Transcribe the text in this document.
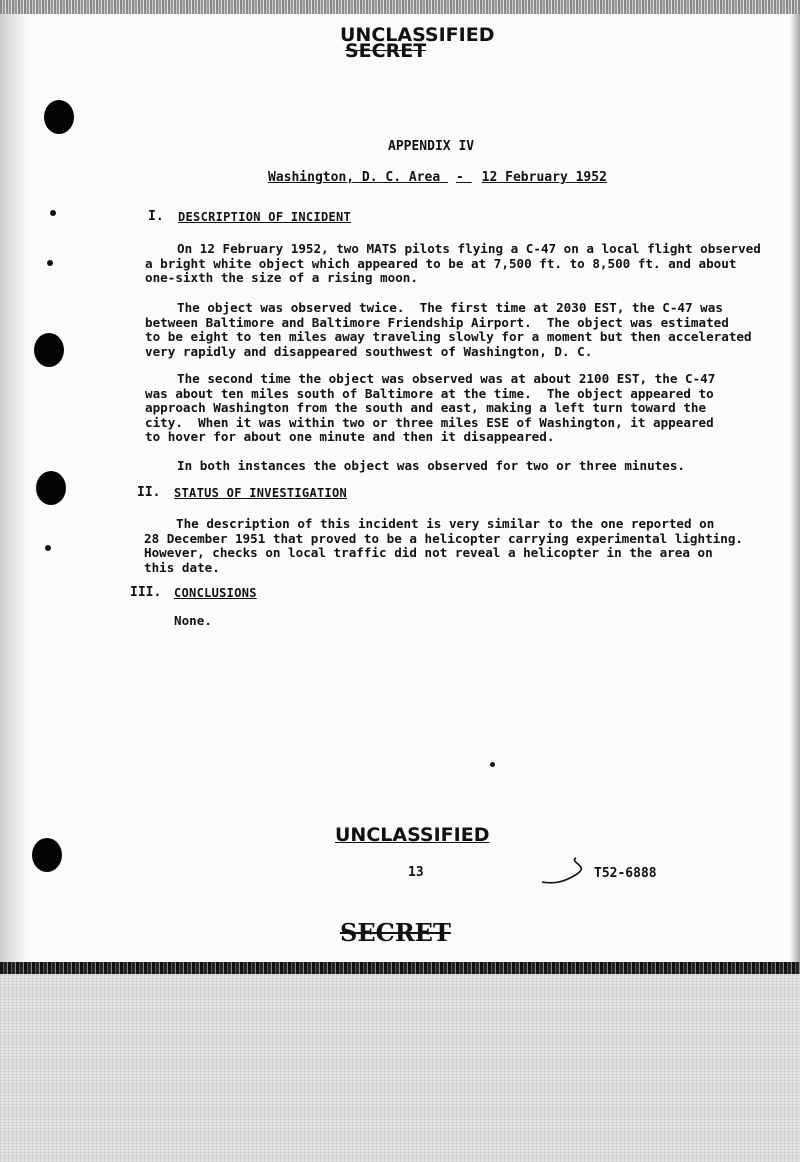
UNCLASSIFIED
SECRET
APPENDIX IV
Washington, D. C. Area - 12 February 1952
I. DESCRIPTION OF INCIDENT
On 12 February 1952, two MATS pilots flying a C-47 on a local flight observed
a bright white object which appeared to be at 7,500 ft. to 8,500 ft. and about
one-sixth the size of a rising moon.
The object was observed twice.  The first time at 2030 EST, the C-47 was
between Baltimore and Baltimore Friendship Airport.  The object was estimated
to be eight to ten miles away traveling slowly for a moment but then accelerated
very rapidly and disappeared southwest of Washington, D. C.
The second time the object was observed was at about 2100 EST, the C-47
was about ten miles south of Baltimore at the time.  The object appeared to
approach Washington from the south and east, making a left turn toward the
city.  When it was within two or three miles ESE of Washington, it appeared
to hover for about one minute and then it disappeared.
In both instances the object was observed for two or three minutes.
II. STATUS OF INVESTIGATION
The description of this incident is very similar to the one reported on
28 December 1951 that proved to be a helicopter carrying experimental lighting.
However, checks on local traffic did not reveal a helicopter in the area on
this date.
III. CONCLUSIONS
None.
UNCLASSIFIED
13	T52-6888
SECRET
